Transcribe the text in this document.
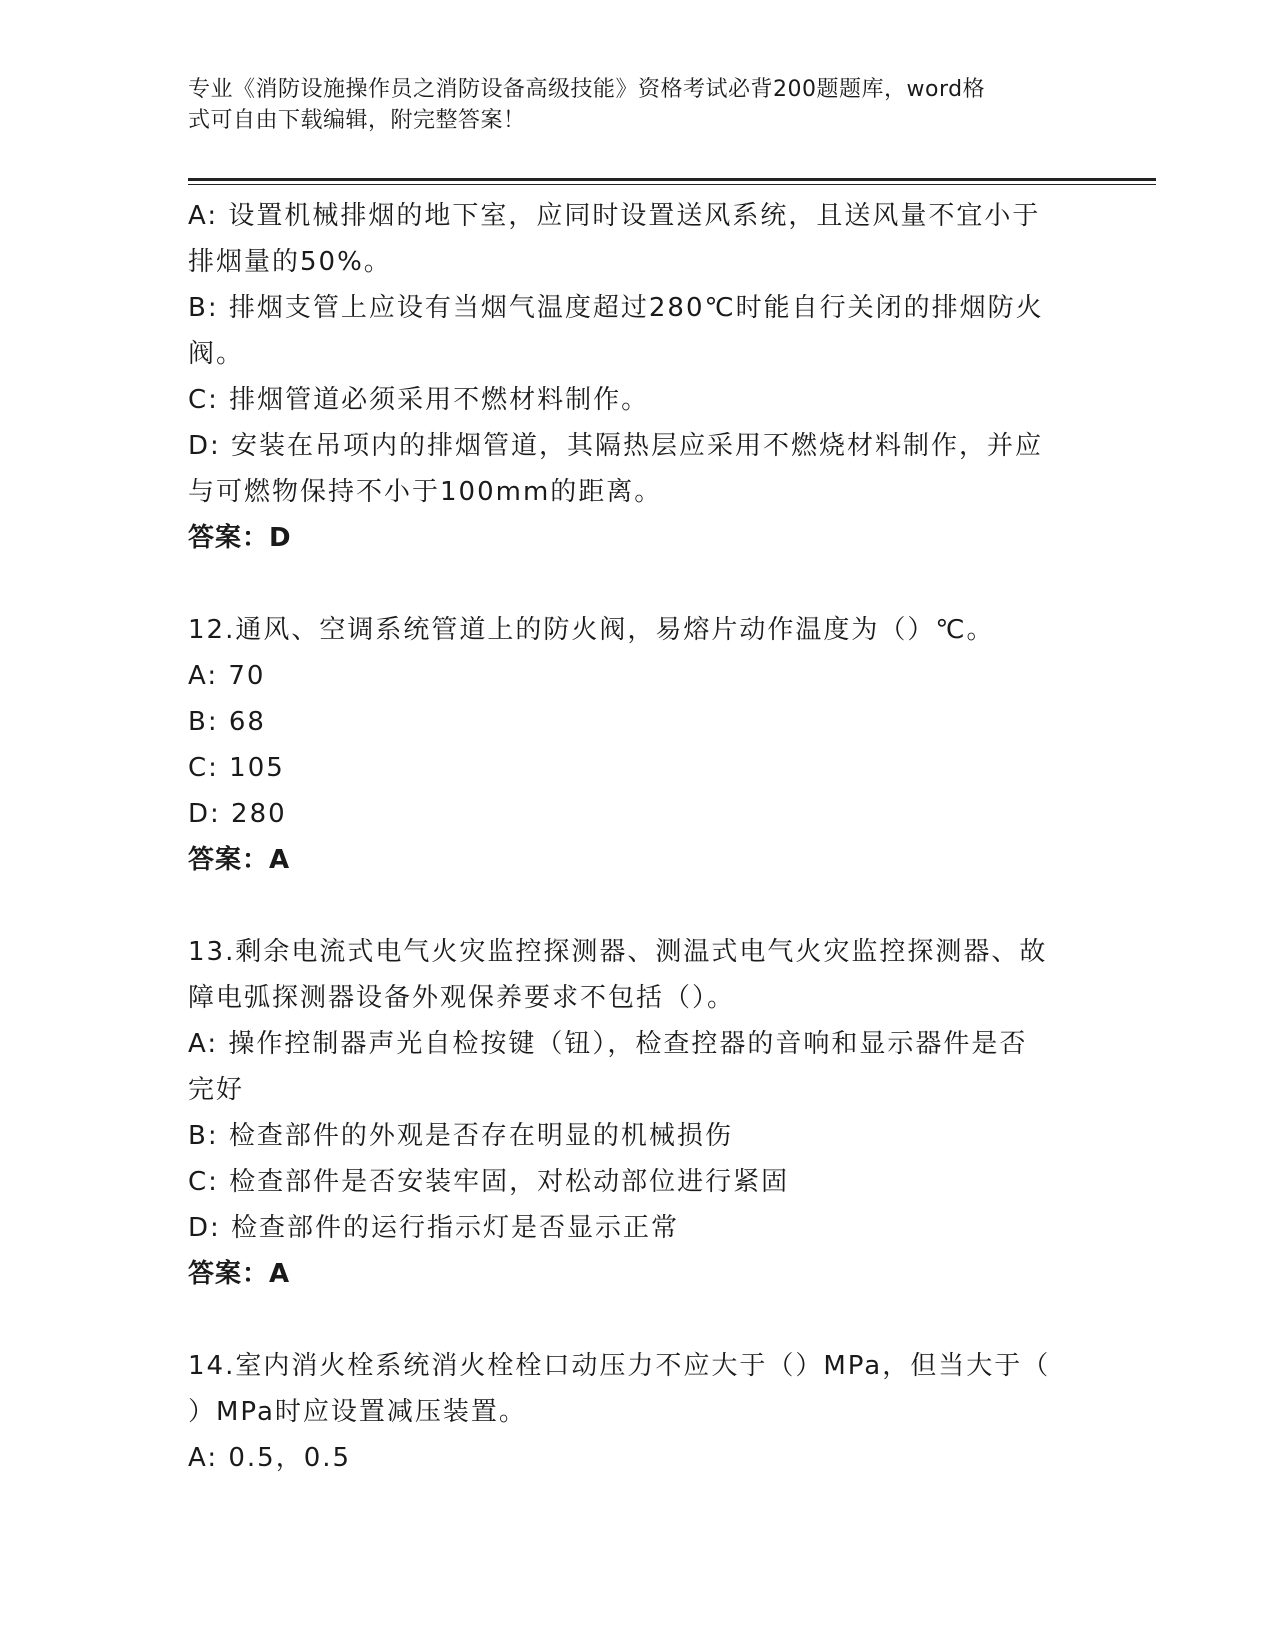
专业《消防设施操作员之消防设备高级技能》资格考试必背200题题库，word格
式可自由下载编辑，附完整答案！
A: 设置机械排烟的地下室，应同时设置送风系统，且送风量不宜小于
排烟量的50%。
B: 排烟支管上应设有当烟气温度超过280℃时能自行关闭的排烟防火
阀。
C: 排烟管道必须采用不燃材料制作。
D: 安装在吊项内的排烟管道，其隔热层应采用不燃烧材料制作，并应
与可燃物保持不小于100mm的距离。
答案：D
12.通风、空调系统管道上的防火阀，易熔片动作温度为（）℃。
A: 70
B: 68
C: 105
D: 280
答案：A
13.剩余电流式电气火灾监控探测器、测温式电气火灾监控探测器、故
障电弧探测器设备外观保养要求不包括（）。
A: 操作控制器声光自检按键（钮），检查控器的音响和显示器件是否
完好
B: 检查部件的外观是否存在明显的机械损伤
C: 检查部件是否安装牢固，对松动部位进行紧固
D: 检查部件的运行指示灯是否显示正常
答案：A
14.室内消火栓系统消火栓栓口动压力不应大于（）MPa，但当大于（
）MPa时应设置减压装置。
A: 0.5，0.5
